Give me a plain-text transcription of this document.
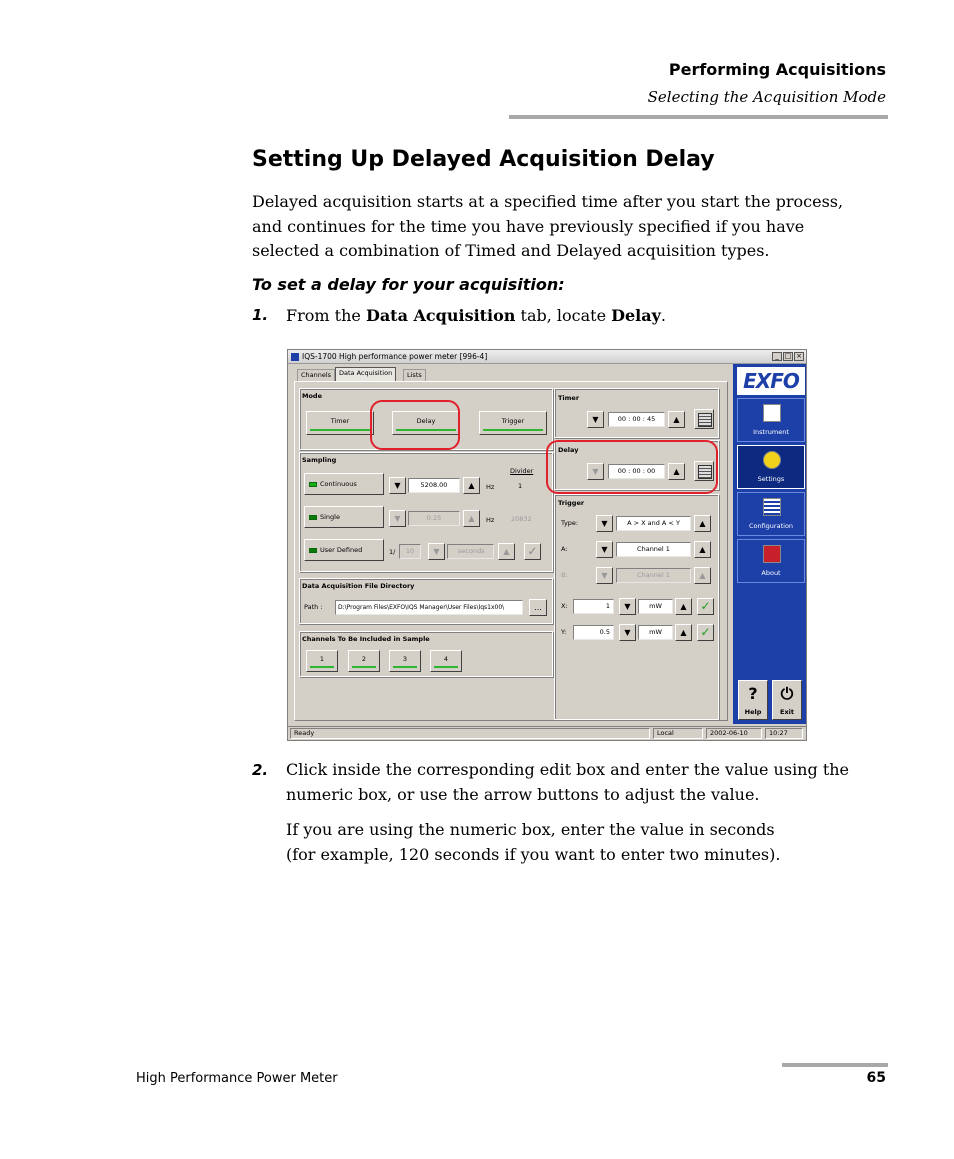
Performing Acquisitions
Selecting the Acquisition Mode
Setting Up Delayed Acquisition Delay
Delayed acquisition starts at a specified time after you start the process,
and continues for the time you have previously specified if you have
selected a combination of Timed and Delayed acquisition types.
To set a delay for your acquisition:
1. From the Data Acquisition tab, locate Delay.
IQS-1700 High performance power meter [996-4]	_ □ ×
Channels	Data Acquisition	Lists
Mode
Timer	Delay	Trigger
Sampling
Divider
Continuous	▼	5208.00	▲	Hz	1
Single	▼	0.25	▲	Hz	20832
User Defined	1/	10	▼	seconds	▲	✓
Data Acquisition File Directory
Path :	D:\Program Files\EXFO\IQS Manager\User Files\Iqs1x00\	...
Channels To Be Included in Sample
1	2	3	4
Timer
▼	00 : 00 : 45	▲
Delay
▼	00 : 00 : 00	▲
Trigger
Type:	▼	A > X and A < Y	▲
A:	▼	Channel 1	▲
B:	▼	Channel 1	▲
X:	1	▼	mW	▲	✓
Y:	0.5	▼	mW	▲	✓
EXFO
Instrument
Settings
Configuration
About
?
Help
⏻
Exit
Ready	Local	2002-06-10	10:27
2. Click inside the corresponding edit box and enter the value using the
numeric box, or use the arrow buttons to adjust the value.
If you are using the numeric box, enter the value in seconds
(for example, 120 seconds if you want to enter two minutes).
High Performance Power Meter	65
